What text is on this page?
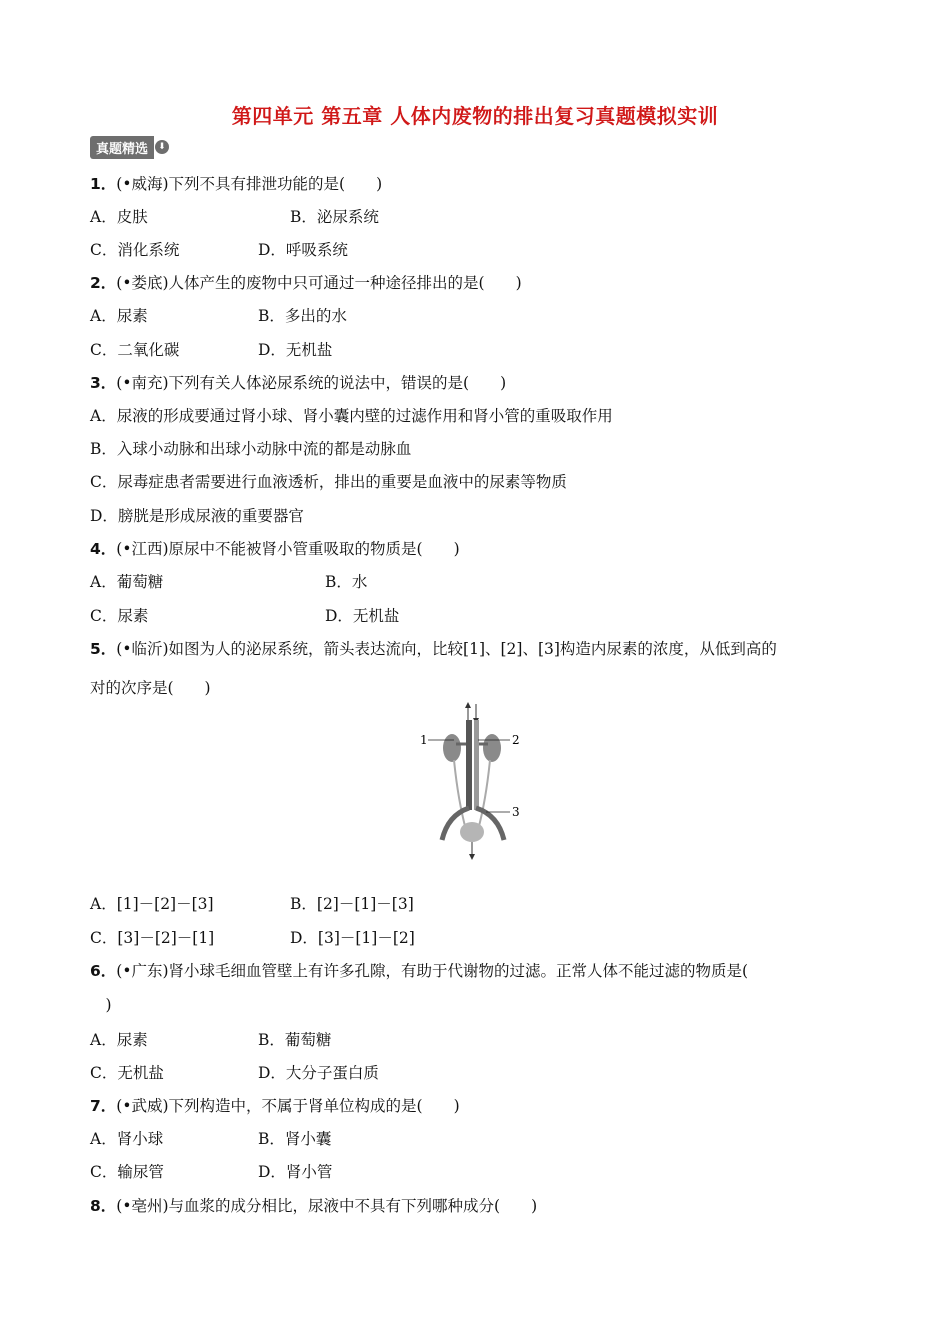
第四单元 第五章 人体内废物的排出复习真题模拟实训
真题精选	⬇
1．(•威海)下列不具有排泄功能的是(　　)
A．皮肤	B．泌尿系统
C．消化系统	D．呼吸系统
2．(•娄底)人体产生的废物中只可通过一种途径排出的是(　　)
A．尿素	B．多出的水
C．二氧化碳	D．无机盐
3．(•南充)下列有关人体泌尿系统的说法中，错误的是(　　)
A．尿液的形成要通过肾小球、肾小囊内壁的过滤作用和肾小管的重吸取作用
B．入球小动脉和出球小动脉中流的都是动脉血
C．尿毒症患者需要进行血液透析，排出的重要是血液中的尿素等物质
D．膀胱是形成尿液的重要器官
4．(•江西)原尿中不能被肾小管重吸取的物质是(　　)
A．葡萄糖	B．水
C．尿素	D．无机盐
5．(•临沂)如图为人的泌尿系统，箭头表达流向，比较[1]、[2]、[3]构造内尿素的浓度，从低到高的
对的次序是(　　)
1	2
3
A．[1]－[2]－[3]	B．[2]－[1]－[3]
C．[3]－[2]－[1]	D．[3]－[1]－[2]
6．(•广东)肾小球毛细血管壁上有许多孔隙，有助于代谢物的过滤。正常人体不能过滤的物质是(
　)
A．尿素	B．葡萄糖
C．无机盐	D．大分子蛋白质
7．(•武威)下列构造中，不属于肾单位构成的是(　　)
A．肾小球	B．肾小囊
C．输尿管	D．肾小管
8．(•亳州)与血浆的成分相比，尿液中不具有下列哪种成分(　　)
